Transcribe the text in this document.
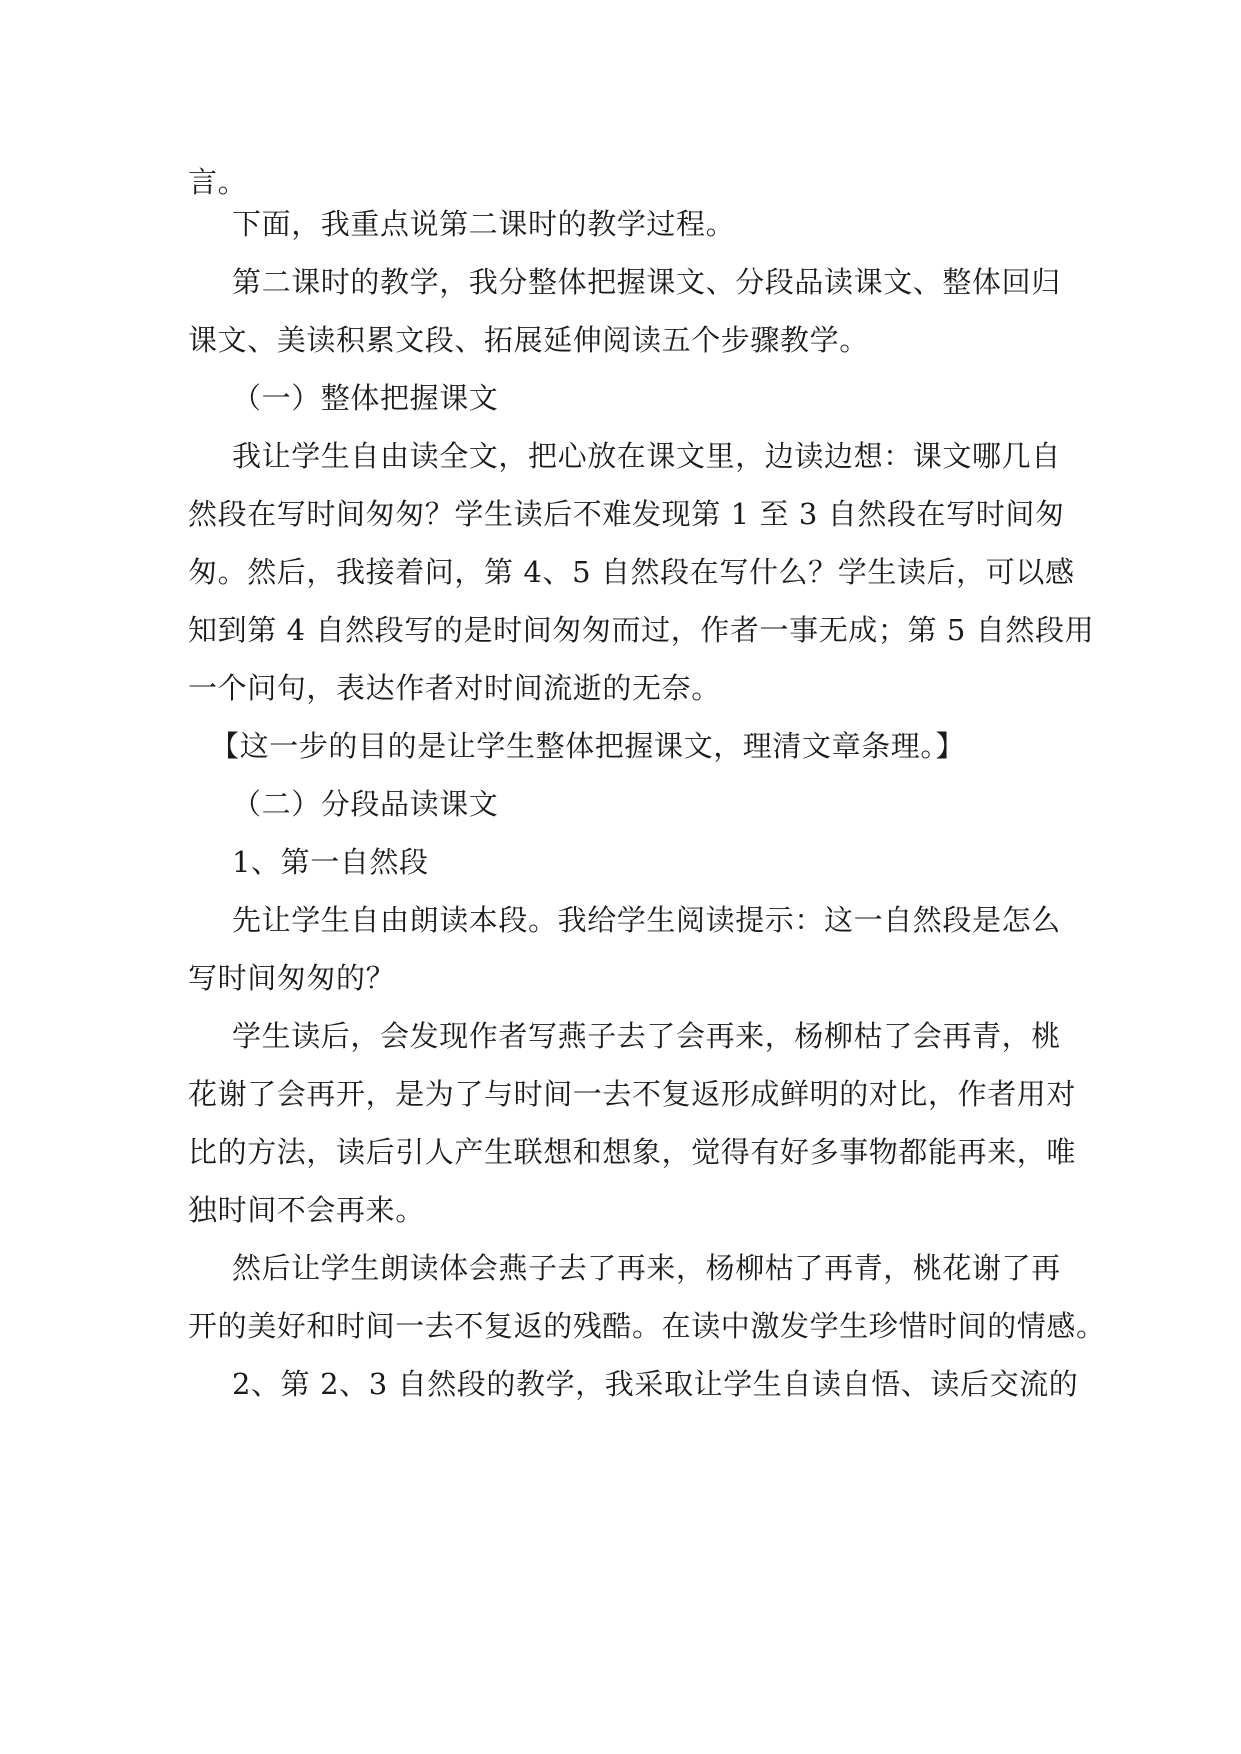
言。
下面，我重点说第二课时的教学过程。
第二课时的教学，我分整体把握课文、分段品读课文、整体回归
课文、美读积累文段、拓展延伸阅读五个步骤教学。
（一）整体把握课文
我让学生自由读全文，把心放在课文里，边读边想：课文哪几自
然段在写时间匆匆？学生读后不难发现第 1 至 3 自然段在写时间匆
匆。然后，我接着问，第 4、5 自然段在写什么？学生读后，可以感
知到第 4 自然段写的是时间匆匆而过，作者一事无成；第 5 自然段用
一个问句，表达作者对时间流逝的无奈。
【这一步的目的是让学生整体把握课文，理清文章条理。】
（二）分段品读课文
1、第一自然段
先让学生自由朗读本段。我给学生阅读提示：这一自然段是怎么
写时间匆匆的？
学生读后，会发现作者写燕子去了会再来，杨柳枯了会再青，桃
花谢了会再开，是为了与时间一去不复返形成鲜明的对比，作者用对
比的方法，读后引人产生联想和想象，觉得有好多事物都能再来，唯
独时间不会再来。
然后让学生朗读体会燕子去了再来，杨柳枯了再青，桃花谢了再
开的美好和时间一去不复返的残酷。在读中激发学生珍惜时间的情感。
2、第 2、3 自然段的教学，我采取让学生自读自悟、读后交流的
